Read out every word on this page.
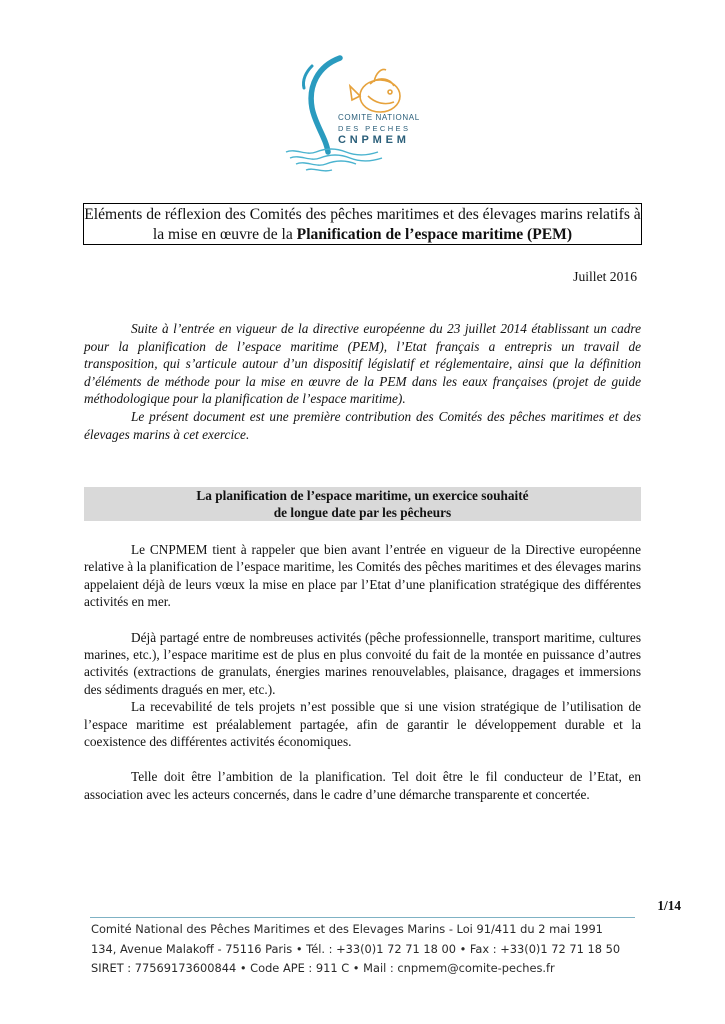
COMITE NATIONAL
DES PECHES
CNPMEM
Eléments de réflexion des Comités des pêches maritimes et des élevages marins relatifs à la mise en œuvre de la Planification de l’espace maritime (PEM)
Juillet 2016

Suite à l’entrée en vigueur de la directive européenne du 23 juillet 2014 établissant un cadre pour la planification de l’espace maritime (PEM), l’Etat français a entrepris un travail de transposition, qui s’articule autour d’un dispositif législatif et réglementaire, ainsi que la définition d’éléments de méthode pour la mise en œuvre de la PEM dans les eaux françaises (projet de guide méthodologique pour la planification de l’espace maritime).

Le présent document est une première contribution des Comités des pêches maritimes et des élevages marins à cet exercice.

La planification de l’espace maritime, un exercice souhaité
de longue date par les pêcheurs

Le CNPMEM tient à rappeler que bien avant l’entrée en vigueur de la Directive européenne relative à la planification de l’espace maritime, les Comités des pêches maritimes et des élevages marins appelaient déjà de leurs vœux la mise en place par l’Etat d’une planification stratégique des différentes activités en mer.

Déjà partagé entre de nombreuses activités (pêche professionnelle, transport maritime, cultures marines, etc.), l’espace maritime est de plus en plus convoité du fait de la montée en puissance d’autres activités (extractions de granulats, énergies marines renouvelables, plaisance, dragages et immersions des sédiments dragués en mer, etc.).

La recevabilité de tels projets n’est possible que si une vision stratégique de l’utilisation de l’espace maritime est préalablement partagée, afin de garantir le développement durable et la coexistence des différentes activités économiques.

Telle doit être l’ambition de la planification. Tel doit être le fil conducteur de l’Etat, en association avec les acteurs concernés, dans le cadre d’une démarche transparente et concertée.

1/14
Comité National des Pêches Maritimes et des Elevages Marins - Loi 91/411 du 2 mai 1991
134, Avenue Malakoff - 75116 Paris • Tél. : +33(0)1 72 71 18 00 • Fax : +33(0)1 72 71 18 50
SIRET : 77569173600844 • Code APE : 911 C • Mail : cnpmem@comite-peches.fr
